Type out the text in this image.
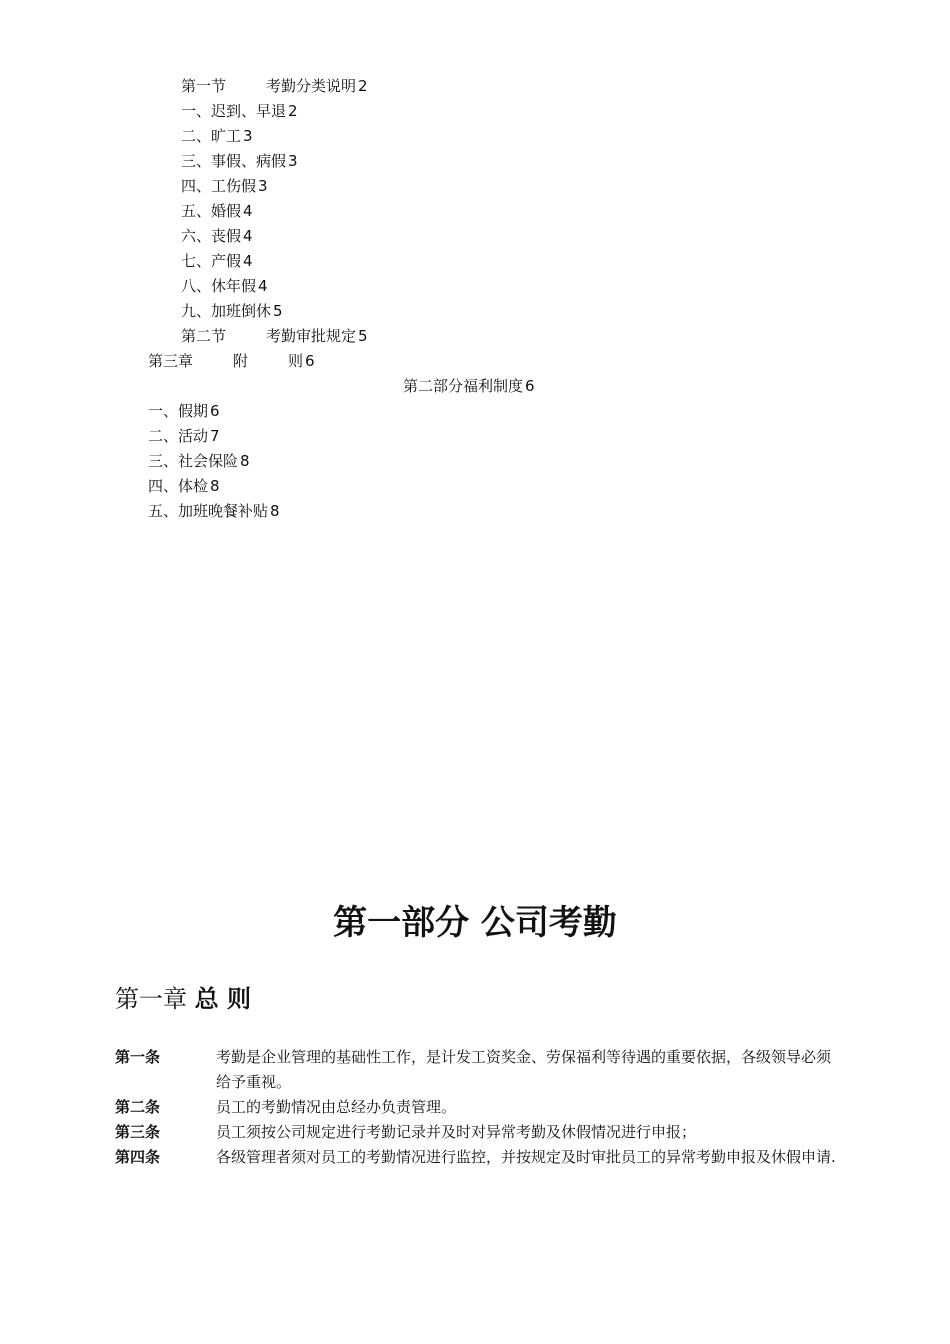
第一节	考勤分类说明 2
一、迟到、早退 2
二、旷工 3
三、事假、病假 3
四、工伤假 3
五、婚假 4
六、丧假 4
七、产假 4
八、休年假 4
九、加班倒休 5
第二节	考勤审批规定 5
第三章	附	则 6
第二部分福利制度 6
一、假期 6
二、活动 7
三、社会保险 8
四、体检 8
五、加班晚餐补贴 8
第一部分 公司考勤
第一章 总 则
第一条	考勤是企业管理的基础性工作，是计发工资奖金、劳保福利等待遇的重要依据，各级领导必须给予重视。
第二条	员工的考勤情况由总经办负责管理。
第三条	员工须按公司规定进行考勤记录并及时对异常考勤及休假情况进行申报；
第四条	各级管理者须对员工的考勤情况进行监控，并按规定及时审批员工的异常考勤申报及休假申请.
